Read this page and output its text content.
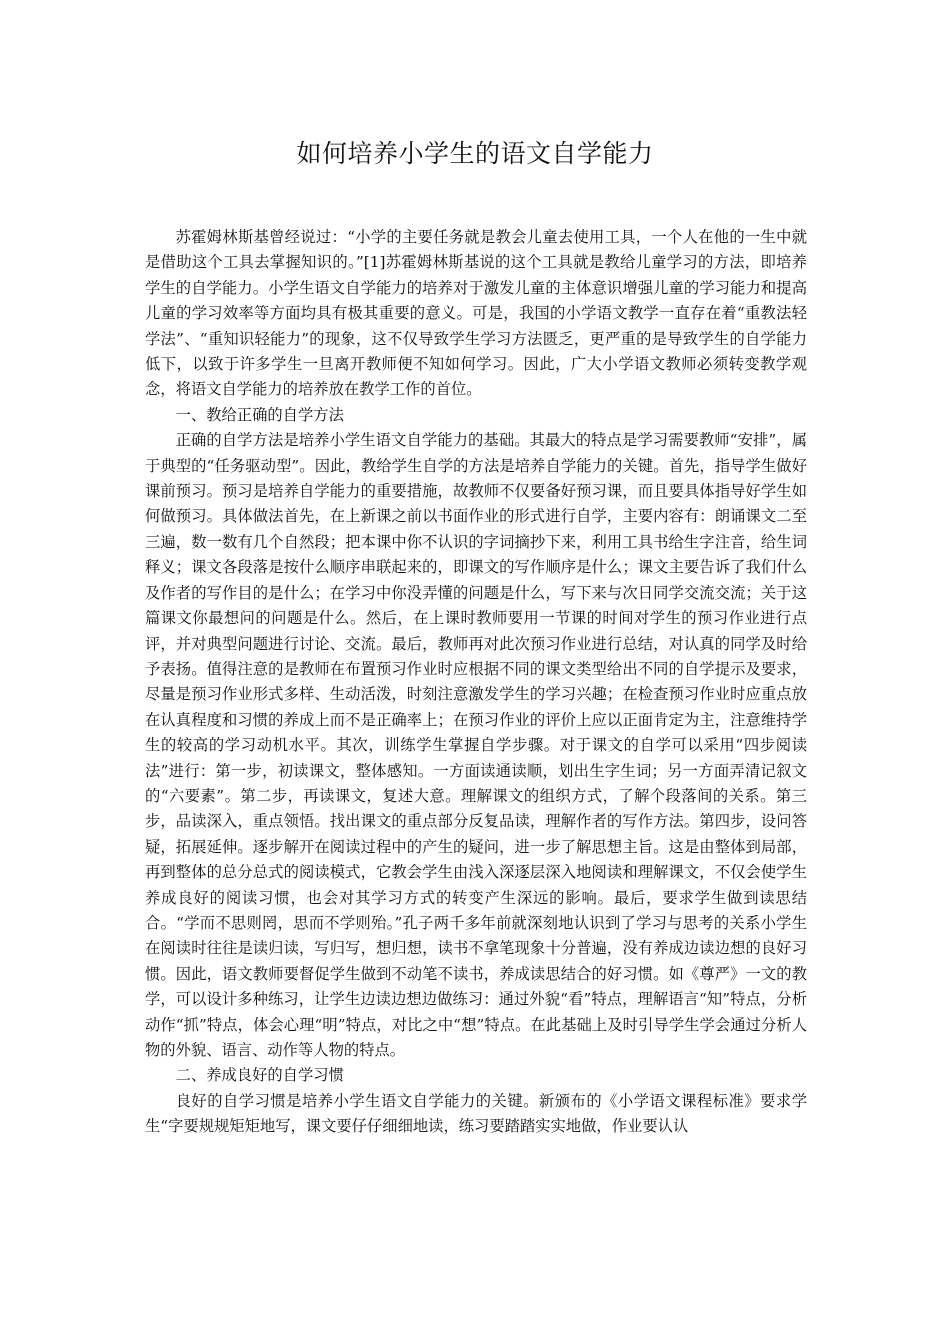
如何培养小学生的语文自学能力

苏霍姆林斯基曾经说过：“小学的主要任务就是教会儿童去使用工具，一个人在他的一生中就是借助这个工具去掌握知识的。”[1]苏霍姆林斯基说的这个工具就是教给儿童学习的方法，即培养学生的自学能力。小学生语文自学能力的培养对于激发儿童的主体意识增强儿童的学习能力和提高儿童的学习效率等方面均具有极其重要的意义。可是，我国的小学语文教学一直存在着“重教法轻学法”、“重知识轻能力”的现象，这不仅导致学生学习方法匮乏，更严重的是导致学生的自学能力低下，以致于许多学生一旦离开教师便不知如何学习。因此，广大小学语文教师必须转变教学观念，将语文自学能力的培养放在教学工作的首位。

一、教给正确的自学方法

正确的自学方法是培养小学生语文自学能力的基础。其最大的特点是学习需要教师“安排”，属于典型的“任务驱动型”。因此，教给学生自学的方法是培养自学能力的关键。首先，指导学生做好课前预习。预习是培养自学能力的重要措施，故教师不仅要备好预习课，而且要具体指导好学生如何做预习。具体做法首先，在上新课之前以书面作业的形式进行自学，主要内容有：朗诵课文二至三遍，数一数有几个自然段；把本课中你不认识的字词摘抄下来，利用工具书给生字注音，给生词释义；课文各段落是按什么顺序串联起来的，即课文的写作顺序是什么；课文主要告诉了我们什么及作者的写作目的是什么；在学习中你没弄懂的问题是什么，写下来与次日同学交流交流；关于这篇课文你最想问的问题是什么。然后，在上课时教师要用一节课的时间对学生的预习作业进行点评，并对典型问题进行讨论、交流。最后，教师再对此次预习作业进行总结，对认真的同学及时给予表扬。值得注意的是教师在布置预习作业时应根据不同的课文类型给出不同的自学提示及要求，尽量是预习作业形式多样、生动活泼，时刻注意激发学生的学习兴趣；在检查预习作业时应重点放在认真程度和习惯的养成上而不是正确率上；在预习作业的评价上应以正面肯定为主，注意维持学生的较高的学习动机水平。其次，训练学生掌握自学步骤。对于课文的自学可以采用“四步阅读法”进行：第一步，初读课文，整体感知。一方面读通读顺，划出生字生词；另一方面弄清记叙文的“六要素”。第二步，再读课文，复述大意。理解课文的组织方式，了解个段落间的关系。第三步，品读深入，重点领悟。找出课文的重点部分反复品读，理解作者的写作方法。第四步，设问答疑，拓展延伸。逐步解开在阅读过程中的产生的疑问，进一步了解思想主旨。这是由整体到局部，再到整体的总分总式的阅读模式，它教会学生由浅入深逐层深入地阅读和理解课文，不仅会使学生养成良好的阅读习惯，也会对其学习方式的转变产生深远的影响。最后，要求学生做到读思结合。“学而不思则罔，思而不学则殆。”孔子两千多年前就深刻地认识到了学习与思考的关系小学生在阅读时往往是读归读，写归写，想归想，读书不拿笔现象十分普遍，没有养成边读边想的良好习惯。因此，语文教师要督促学生做到不动笔不读书，养成读思结合的好习惯。如《尊严》一文的教学，可以设计多种练习，让学生边读边想边做练习：通过外貌“看”特点，理解语言“知”特点，分析动作“抓”特点，体会心理“明”特点，对比之中“想”特点。在此基础上及时引导学生学会通过分析人物的外貌、语言、动作等人物的特点。

二、养成良好的自学习惯

良好的自学习惯是培养小学生语文自学能力的关键。新颁布的《小学语文课程标准》要求学生“字要规规矩矩地写，课文要仔仔细细地读，练习要踏踏实实地做，作业要认认
